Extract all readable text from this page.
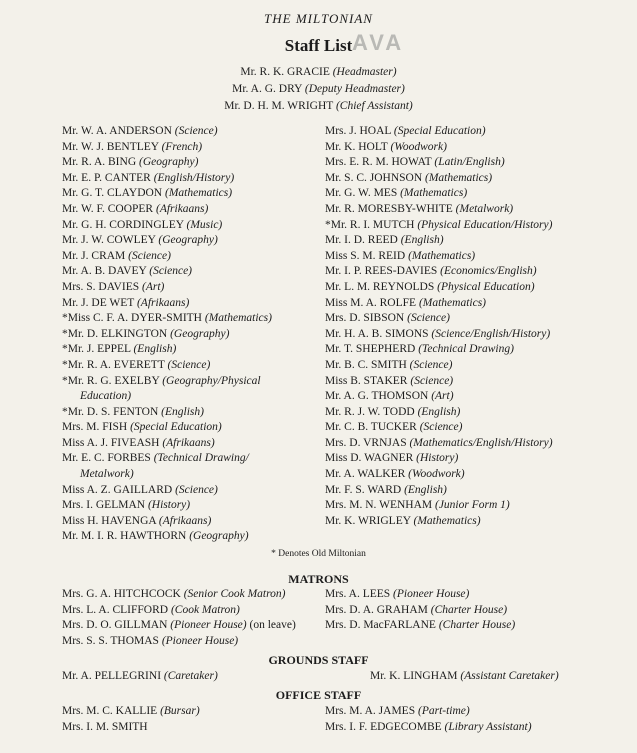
AVA
THE MILTONIAN
Staff List
Mr. R. K. GRACIE (Headmaster)
Mr. A. G. DRY (Deputy Headmaster)
Mr. D. H. M. WRIGHT (Chief Assistant)
Mr. W. A. ANDERSON (Science)
Mr. W. J. BENTLEY (French)
Mr. R. A. BING (Geography)
Mr. E. P. CANTER (English/History)
Mr. G. T. CLAYDON (Mathematics)
Mr. W. F. COOPER (Afrikaans)
Mr. G. H. CORDINGLEY (Music)
Mr. J. W. COWLEY (Geography)
Mr. J. CRAM (Science)
Mr. A. B. DAVEY (Science)
Mrs. S. DAVIES (Art)
Mr. J. DE WET (Afrikaans)
*Miss C. F. A. DYER-SMITH (Mathematics)
*Mr. D. ELKINGTON (Geography)
*Mr. J. EPPEL (English)
*Mr. R. A. EVERETT (Science)
*Mr. R. G. EXELBY (Geography/Physical
Education)
*Mr. D. S. FENTON (English)
Mrs. M. FISH (Special Education)
Miss A. J. FIVEASH (Afrikaans)
Mr. E. C. FORBES (Technical Drawing/
Metalwork)
Miss A. Z. GAILLARD (Science)
Mrs. I. GELMAN (History)
Miss H. HAVENGA (Afrikaans)
Mr. M. I. R. HAWTHORN (Geography)
Mrs. J. HOAL (Special Education)
Mr. K. HOLT (Woodwork)
Mrs. E. R. M. HOWAT (Latin/English)
Mr. S. C. JOHNSON (Mathematics)
Mr. G. W. MES (Mathematics)
Mr. R. MORESBY-WHITE (Metalwork)
*Mr. R. I. MUTCH (Physical Education/History)
Mr. I. D. REED (English)
Miss S. M. REID (Mathematics)
Mr. I. P. REES-DAVIES (Economics/English)
Mr. L. M. REYNOLDS (Physical Education)
Miss M. A. ROLFE (Mathematics)
Mrs. D. SIBSON (Science)
Mr. H. A. B. SIMONS (Science/English/History)
Mr. T. SHEPHERD (Technical Drawing)
Mr. B. C. SMITH (Science)
Miss B. STAKER (Science)
Mr. A. G. THOMSON (Art)
Mr. R. J. W. TODD (English)
Mr. C. B. TUCKER (Science)
Mrs. D. VRNJAS (Mathematics/English/History)
Miss D. WAGNER (History)
Mr. A. WALKER (Woodwork)
Mr. F. S. WARD (English)
Mrs. M. N. WENHAM (Junior Form 1)
Mr. K. WRIGLEY (Mathematics)
* Denotes Old Miltonian
MATRONS
Mrs. G. A. HITCHCOCK (Senior Cook Matron)
Mrs. L. A. CLIFFORD (Cook Matron)
Mrs. D. O. GILLMAN (Pioneer House) (on leave)
Mrs. S. S. THOMAS (Pioneer House)
Mrs. A. LEES (Pioneer House)
Mrs. D. A. GRAHAM (Charter House)
Mrs. D. MacFARLANE (Charter House)
GROUNDS STAFF
Mr. A. PELLEGRINI (Caretaker)	Mr. K. LINGHAM (Assistant Caretaker)
OFFICE STAFF
Mrs. M. C. KALLIE (Bursar)
Mrs. I. M. SMITH
Mrs. M. A. JAMES (Part-time)
Mrs. I. F. EDGECOMBE (Library Assistant)
